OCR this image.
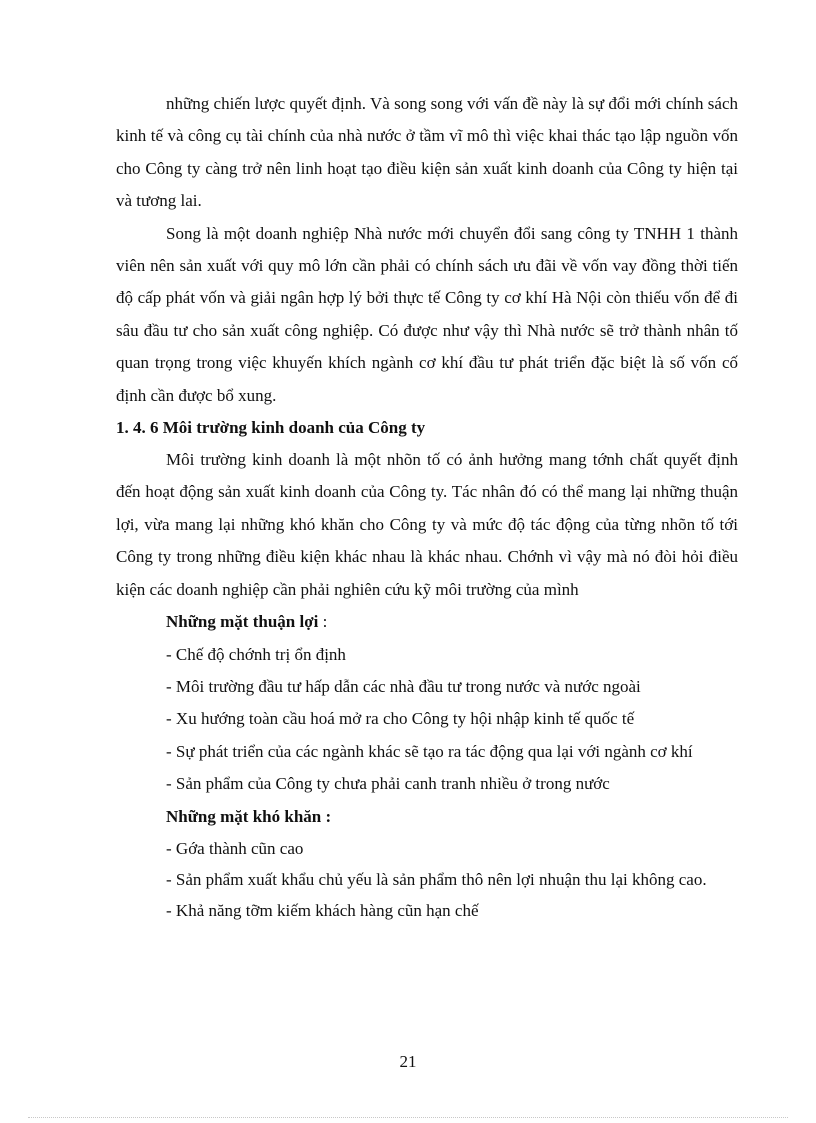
những chiến lược quyết định. Và song song với vấn đề này là sự đổi mới chính sách kinh tế và công cụ tài chính của nhà nước ở tầm vĩ mô thì việc khai thác tạo lập nguồn vốn cho Công ty càng trở nên linh hoạt tạo điều kiện sản xuất kinh doanh của Công ty hiện tại và tương lai.

Song là một doanh nghiệp Nhà nước mới chuyển đổi sang công ty TNHH 1 thành viên nên sản xuất với quy mô lớn cần phải có chính sách ưu đãi về vốn vay đồng thời tiến độ cấp phát vốn và giải ngân hợp lý bởi thực tế Công ty cơ khí Hà Nội còn thiếu vốn để đi sâu đầu tư cho sản xuất công nghiệp. Có được như vậy thì Nhà nước sẽ trở thành nhân tố quan trọng trong việc khuyến khích ngành cơ khí đầu tư phát triển đặc biệt là số vốn cố định cần được bổ xung.

1. 4. 6 Môi trường kinh doanh của Công ty

Môi trường kinh doanh là một nhõn tố có ảnh hưởng mang tớnh chất quyết định đến hoạt động sản xuất kinh doanh của Công ty. Tác nhân đó có thể mang lại những thuận lợi, vừa mang lại những khó khăn cho Công ty và mức độ tác động của từng nhõn tố tới Công ty trong những điều kiện khác nhau là khác nhau. Chớnh vì vậy mà nó đòi hỏi điều kiện các doanh nghiệp cần phải nghiên cứu kỹ môi trường của mình

Những mặt thuận lợi :

- Chế độ chớnh trị ổn định

- Môi trường đầu tư hấp dẫn các nhà đầu tư trong nước và nước ngoài

- Xu hướng toàn cầu hoá mở ra cho Công ty hội nhập kinh tế quốc tế

- Sự phát triển của các ngành khác sẽ tạo ra tác động qua lại với ngành cơ khí

- Sản phẩm của Công ty chưa phải canh tranh nhiều ở trong nước

Những mặt khó khăn :

- Gớa thành cũn cao

- Sản phẩm xuất khẩu chủ yếu là sản phẩm thô nên lợi nhuận thu lại không cao.

- Khả năng tỡm kiếm khách hàng cũn hạn chế

21
